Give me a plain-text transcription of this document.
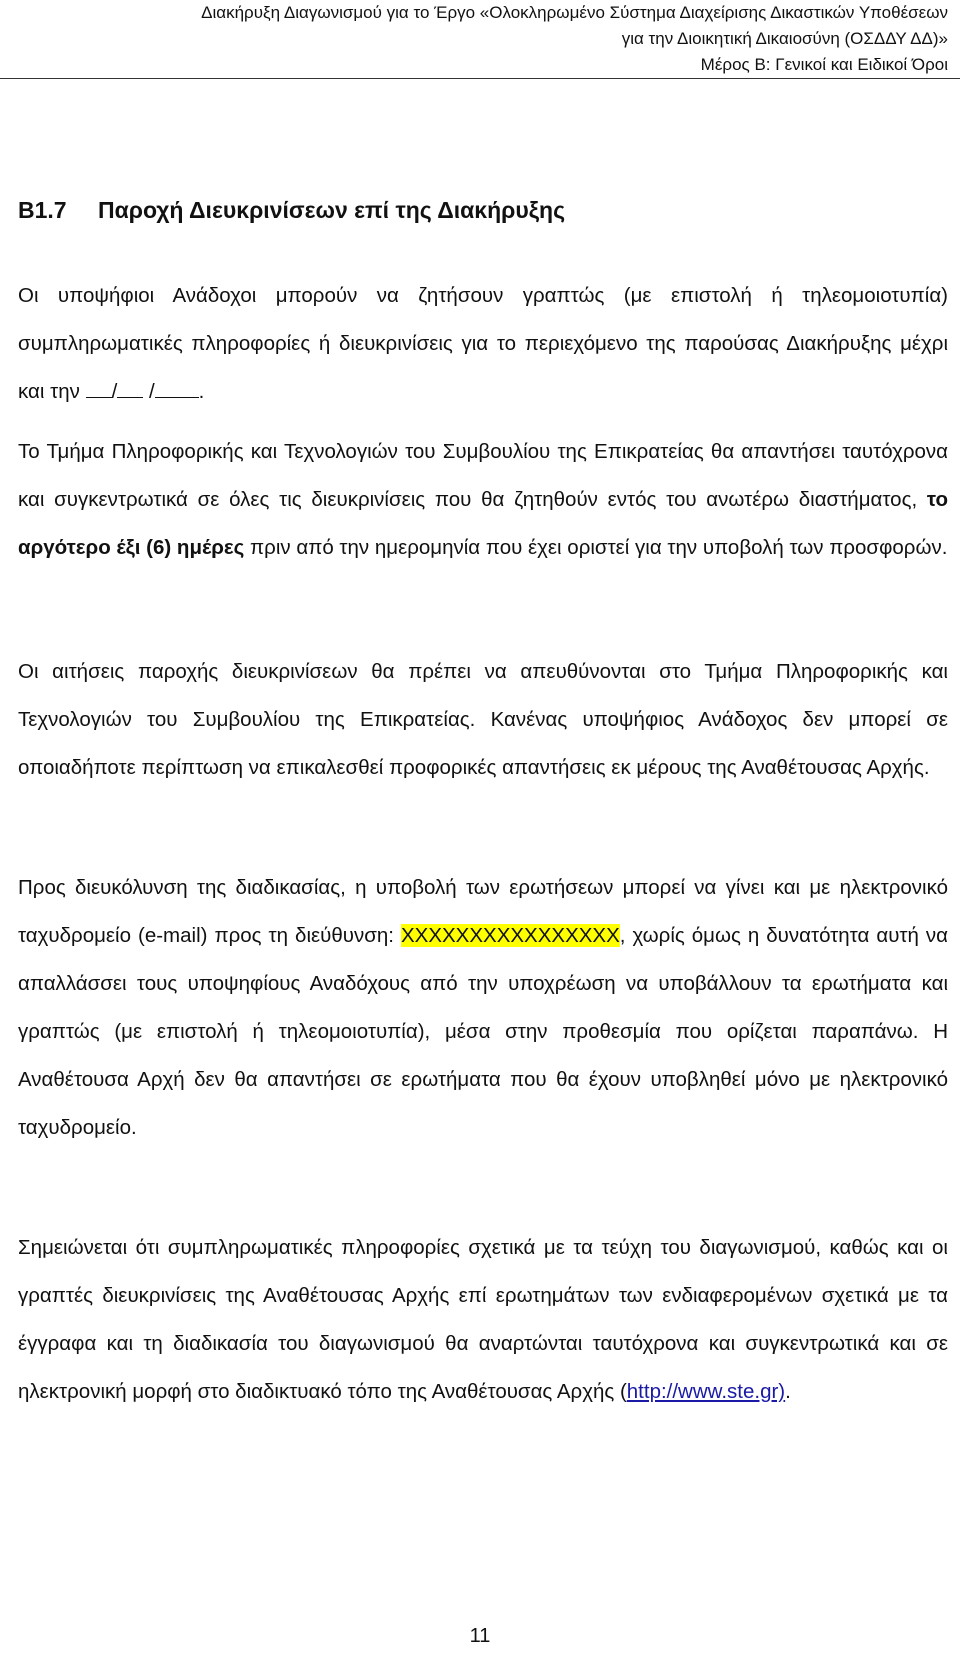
Διακήρυξη Διαγωνισμού για το Έργο «Ολοκληρωμένο Σύστημα Διαχείρισης Δικαστικών Υποθέσεων
για την Διοικητική Δικαιοσύνη (ΟΣΔΔΥ ΔΔ)»
Μέρος Β: Γενικοί και Ειδικοί Όροι
Β1.7 Παροχή Διευκρινίσεων επί της Διακήρυξης
Οι υποψήφιοι Ανάδοχοι μπορούν να ζητήσουν γραπτώς (με επιστολή ή τηλεομοιοτυπία) συμπληρωματικές πληροφορίες ή διευκρινίσεις για το περιεχόμενο της παρούσας Διακήρυξης μέχρι και την / / .
Το Τμήμα Πληροφορικής και Τεχνολογιών του Συμβουλίου της Επικρατείας θα απαντήσει ταυτόχρονα και συγκεντρωτικά σε όλες τις διευκρινίσεις που θα ζητηθούν εντός του ανωτέρω διαστήματος, το αργότερο έξι (6) ημέρες πριν από την ημερομηνία που έχει οριστεί για την υποβολή των προσφορών.
Οι αιτήσεις παροχής διευκρινίσεων θα πρέπει να απευθύνονται στο Τμήμα Πληροφορικής και Τεχνολογιών του Συμβουλίου της Επικρατείας. Κανένας υποψήφιος Ανάδοχος δεν μπορεί σε οποιαδήποτε περίπτωση να επικαλεσθεί προφορικές απαντήσεις εκ μέρους της Αναθέτουσας Αρχής.
Προς διευκόλυνση της διαδικασίας, η υποβολή των ερωτήσεων μπορεί να γίνει και με ηλεκτρονικό ταχυδρομείο (e-mail) προς τη διεύθυνση: ΧΧΧΧΧΧΧΧΧΧΧΧΧΧΧΧ, χωρίς όμως η δυνατότητα αυτή να απαλλάσσει τους υποψηφίους Αναδόχους από την υποχρέωση να υποβάλλουν τα ερωτήματα και γραπτώς (με επιστολή ή τηλεομοιοτυπία), μέσα στην προθεσμία που ορίζεται παραπάνω. Η Αναθέτουσα Αρχή δεν θα απαντήσει σε ερωτήματα που θα έχουν υποβληθεί μόνο με ηλεκτρονικό ταχυδρομείο.
Σημειώνεται ότι συμπληρωματικές πληροφορίες σχετικά με τα τεύχη του διαγωνισμού, καθώς και οι γραπτές διευκρινίσεις της Αναθέτουσας Αρχής επί ερωτημάτων των ενδιαφερομένων σχετικά με τα έγγραφα και τη διαδικασία του διαγωνισμού θα αναρτώνται ταυτόχρονα και συγκεντρωτικά και σε ηλεκτρονική μορφή στο διαδικτυακό τόπο της Αναθέτουσας Αρχής (http://www.ste.gr).
11
